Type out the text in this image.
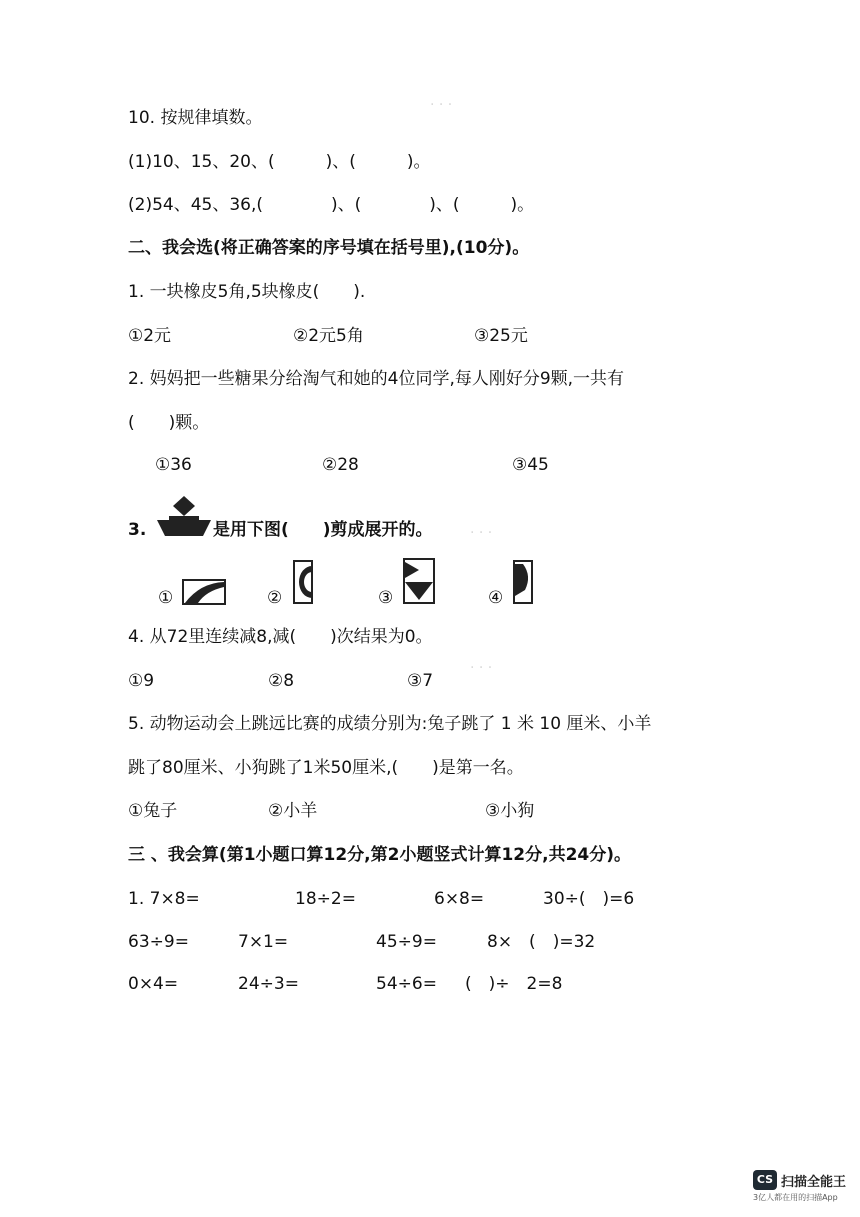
· · ·
· · ·
· · ·
10. 按规律填数。
(1)10、15、20、(　　　)、(　　　)。
(2)54、45、36,(　　　　)、(　　　　)、(　　　)。
二、我会选(将正确答案的序号填在括号里),(10分)。
1. 一块橡皮5角,5块橡皮(　　).
①2元	②2元5角	③25元
2. 妈妈把一些糖果分给淘气和她的4位同学,每人刚好分9颗,一共有
(　　)颗。
①36	②28	③45
3.	是用下图(　　)剪成展开的。
①	②	③	④
4. 从72里连续减8,减(　　)次结果为0。
①9	②8	③7
5. 动物运动会上跳远比赛的成绩分别为:兔子跳了 1 米 10 厘米、小羊
跳了80厘米、小狗跳了1米50厘米,(　　)是第一名。
①兔子	②小羊	③小狗
三 、我会算(第1小题口算12分,第2小题竖式计算12分,共24分)。
1. 7×8=	18÷2=	6×8=	30÷(　)=6
63÷9=	7×1=	45÷9=	8×　(　)=32
0×4=	24÷3=	54÷6= (　)÷　2=8
CS 扫描全能王
3亿人都在用的扫描App
